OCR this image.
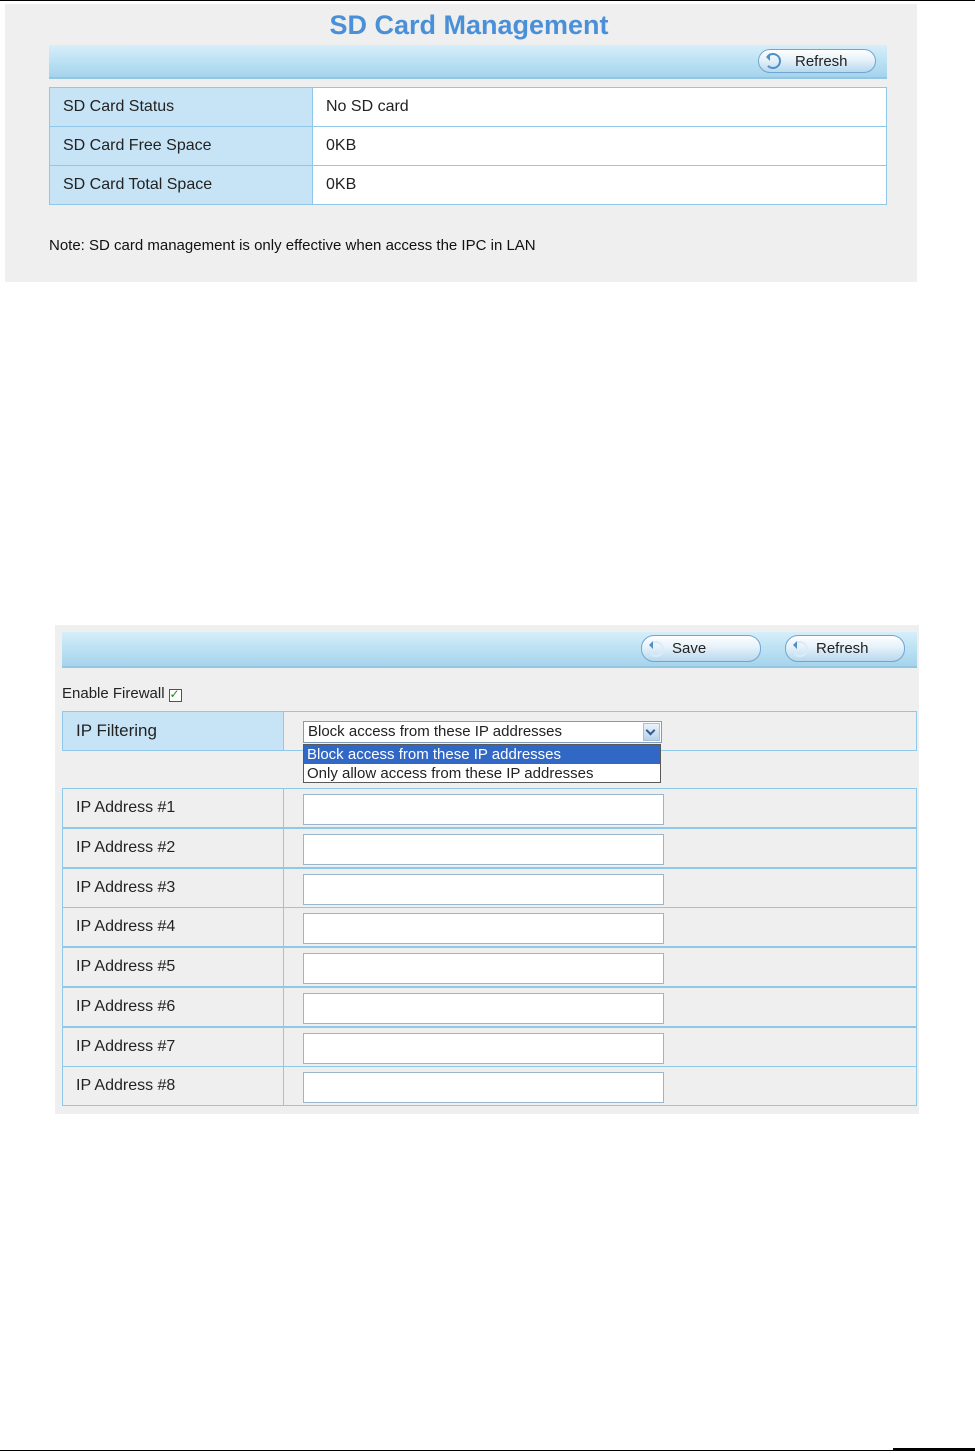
SD Card Management
Refresh
SD Card Status	No SD card
SD Card Free Space	0KB
SD Card Total Space	0KB
Note: SD card management is only effective when access the IPC in LAN
Save	Refresh
Enable Firewall
✓
IP Filtering	Block access from these IP addresses
Block access from these IP addresses
Only allow access from these IP addresses
IP Address #1
IP Address #2
IP Address #3
IP Address #4
IP Address #5
IP Address #6
IP Address #7
IP Address #8
